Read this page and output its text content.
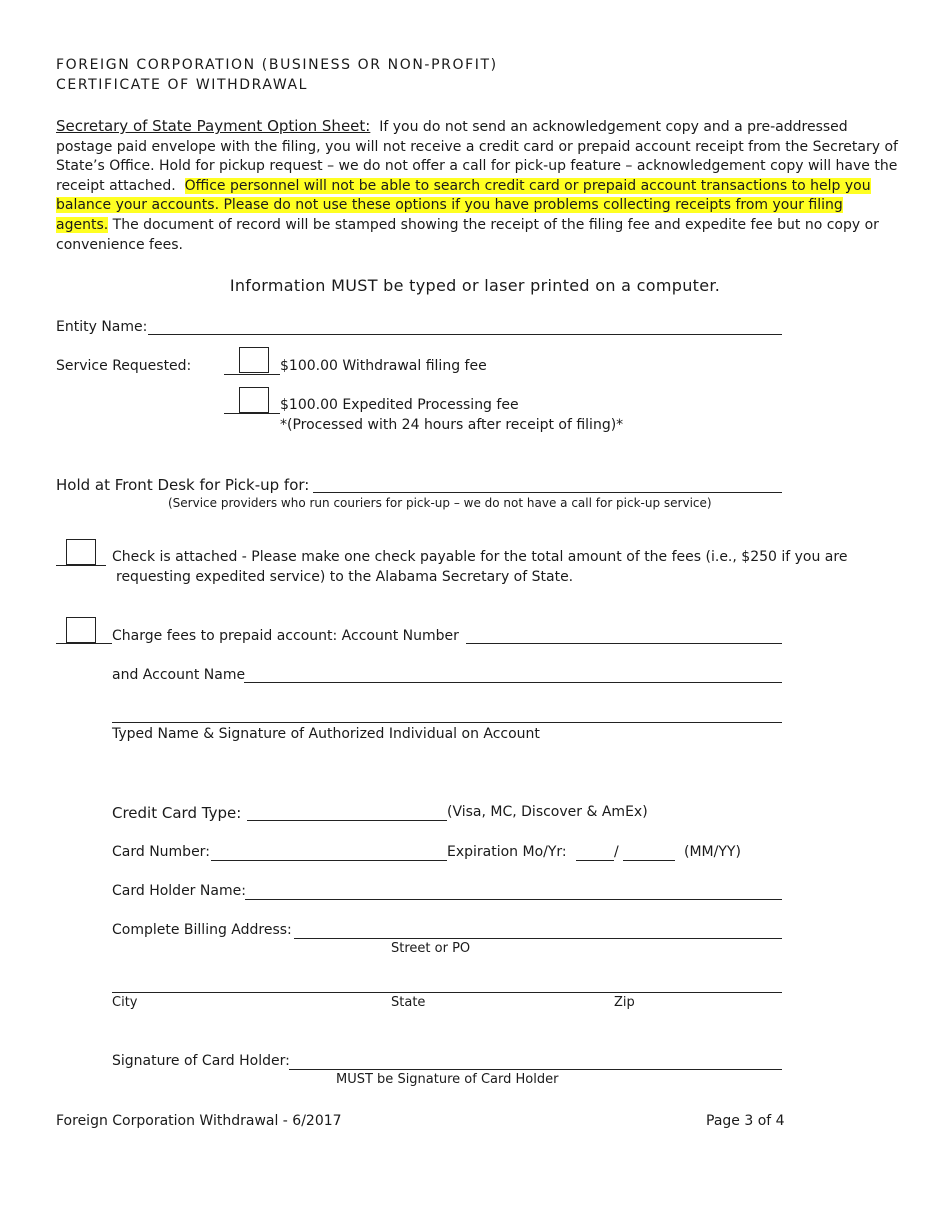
FOREIGN CORPORATION (BUSINESS OR NON-PROFIT)
CERTIFICATE OF WITHDRAWAL
Secretary of State Payment Option Sheet: If you do not send an acknowledgement copy and a pre-addressed postage paid envelope with the filing, you will not receive a credit card or prepaid account receipt from the Secretary of State’s Office. Hold for pickup request – we do not offer a call for pick-up feature – acknowledgement copy will have the receipt attached. Office personnel will not be able to search credit card or prepaid account transactions to help you balance your accounts. Please do not use these options if you have problems collecting receipts from your filing agents. The document of record will be stamped showing the receipt of the filing fee and expedite fee but no copy or convenience fees.
Information MUST be typed or laser printed on a computer.
Entity Name:
Service Requested:	$100.00 Withdrawal filing fee
$100.00 Expedited Processing fee
*(Processed with 24 hours after receipt of filing)*
Hold at Front Desk for Pick-up for:
(Service providers who run couriers for pick-up – we do not have a call for pick-up service)
Check is attached - Please make one check payable for the total amount of the fees (i.e., $250 if you are
requesting expedited service) to the Alabama Secretary of State.
Charge fees to prepaid account: Account Number
and Account Name
Typed Name & Signature of Authorized Individual on Account
Credit Card Type:	(Visa, MC, Discover & AmEx)
Card Number:	Expiration Mo/Yr:	/	(MM/YY)
Card Holder Name:
Complete Billing Address:
Street or PO
City	State	Zip
Signature of Card Holder:
MUST be Signature of Card Holder
Foreign Corporation Withdrawal - 6/2017	Page 3 of 4
